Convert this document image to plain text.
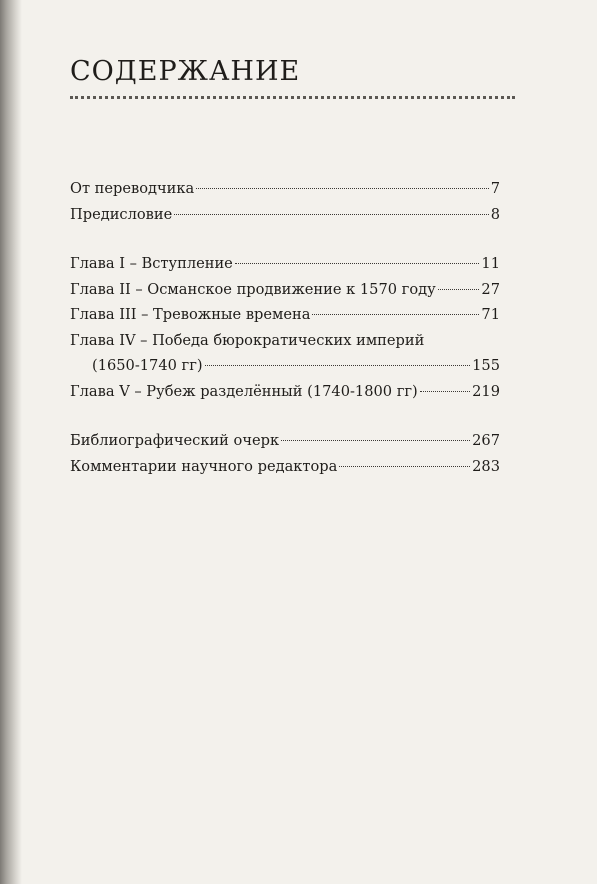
СОДЕРЖАНИЕ
От переводчика	7
Предисловие	8
Глава I – Вступление	11
Глава II – Османское продвижение к 1570 году	27
Глава III – Тревожные времена	71
Глава IV – Победа бюрократических империй
(1650-1740 гг)	155
Глава V – Рубеж разделённый (1740-1800 гг)	219
Библиографический очерк	267
Комментарии научного редактора	283
